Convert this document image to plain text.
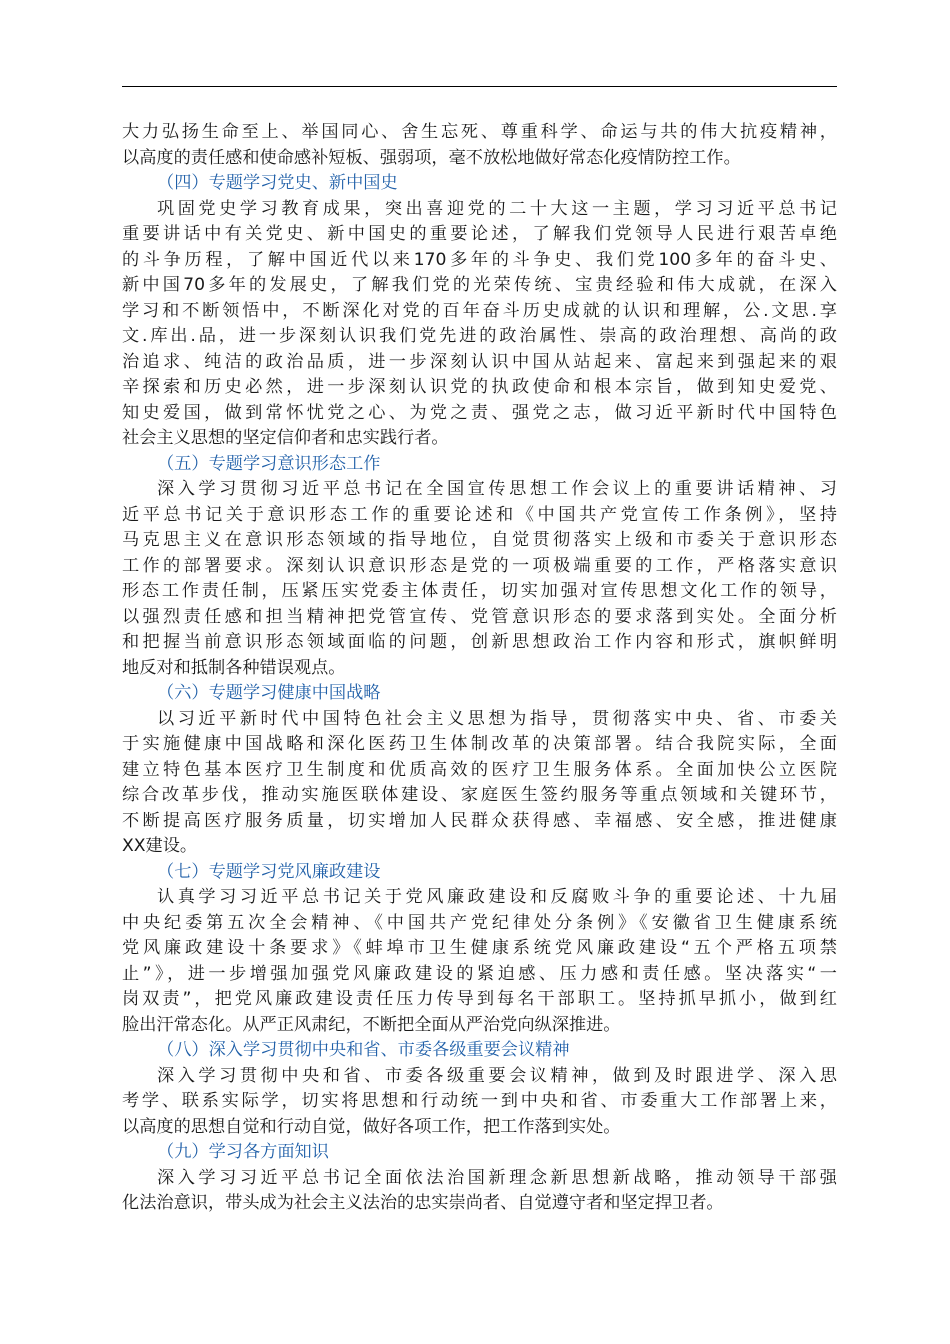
大力弘扬生命至上、举国同心、舍生忘死、尊重科学、命运与共的伟大抗疫精神，
以高度的责任感和使命感补短板、强弱项，毫不放松地做好常态化疫情防控工作。
（四）专题学习党史、新中国史
巩固党史学习教育成果，突出喜迎党的二十大这一主题，学习习近平总书记
重要讲话中有关党史、新中国史的重要论述，了解我们党领导人民进行艰苦卓绝
的斗争历程，了解中国近代以来170多年的斗争史、我们党100多年的奋斗史、
新中国70多年的发展史，了解我们党的光荣传统、宝贵经验和伟大成就，在深入
学习和不断领悟中，不断深化对党的百年奋斗历史成就的认识和理解，公.文思.享
文.库出.品，进一步深刻认识我们党先进的政治属性、崇高的政治理想、高尚的政
治追求、纯洁的政治品质，进一步深刻认识中国从站起来、富起来到强起来的艰
辛探索和历史必然，进一步深刻认识党的执政使命和根本宗旨，做到知史爱党、
知史爱国，做到常怀忧党之心、为党之责、强党之志，做习近平新时代中国特色
社会主义思想的坚定信仰者和忠实践行者。
（五）专题学习意识形态工作
深入学习贯彻习近平总书记在全国宣传思想工作会议上的重要讲话精神、习
近平总书记关于意识形态工作的重要论述和《中国共产党宣传工作条例》，坚持
马克思主义在意识形态领域的指导地位，自觉贯彻落实上级和市委关于意识形态
工作的部署要求。深刻认识意识形态是党的一项极端重要的工作，严格落实意识
形态工作责任制，压紧压实党委主体责任，切实加强对宣传思想文化工作的领导，
以强烈责任感和担当精神把党管宣传、党管意识形态的要求落到实处。全面分析
和把握当前意识形态领域面临的问题，创新思想政治工作内容和形式，旗帜鲜明
地反对和抵制各种错误观点。
（六）专题学习健康中国战略
以习近平新时代中国特色社会主义思想为指导，贯彻落实中央、省、市委关
于实施健康中国战略和深化医药卫生体制改革的决策部署。结合我院实际，全面
建立特色基本医疗卫生制度和优质高效的医疗卫生服务体系。全面加快公立医院
综合改革步伐，推动实施医联体建设、家庭医生签约服务等重点领域和关键环节，
不断提高医疗服务质量，切实增加人民群众获得感、幸福感、安全感，推进健康
XX建设。
（七）专题学习党风廉政建设
认真学习习近平总书记关于党风廉政建设和反腐败斗争的重要论述、十九届
中央纪委第五次全会精神、《中国共产党纪律处分条例》《安徽省卫生健康系统
党风廉政建设十条要求》《蚌埠市卫生健康系统党风廉政建设“五个严格五项禁
止”》，进一步增强加强党风廉政建设的紧迫感、压力感和责任感。坚决落实“一
岗双责”，把党风廉政建设责任压力传导到每名干部职工。坚持抓早抓小，做到红
脸出汗常态化。从严正风肃纪，不断把全面从严治党向纵深推进。
（八）深入学习贯彻中央和省、市委各级重要会议精神
深入学习贯彻中央和省、市委各级重要会议精神，做到及时跟进学、深入思
考学、联系实际学，切实将思想和行动统一到中央和省、市委重大工作部署上来，
以高度的思想自觉和行动自觉，做好各项工作，把工作落到实处。
（九）学习各方面知识
深入学习习近平总书记全面依法治国新理念新思想新战略，推动领导干部强
化法治意识，带头成为社会主义法治的忠实崇尚者、自觉遵守者和坚定捍卫者。
